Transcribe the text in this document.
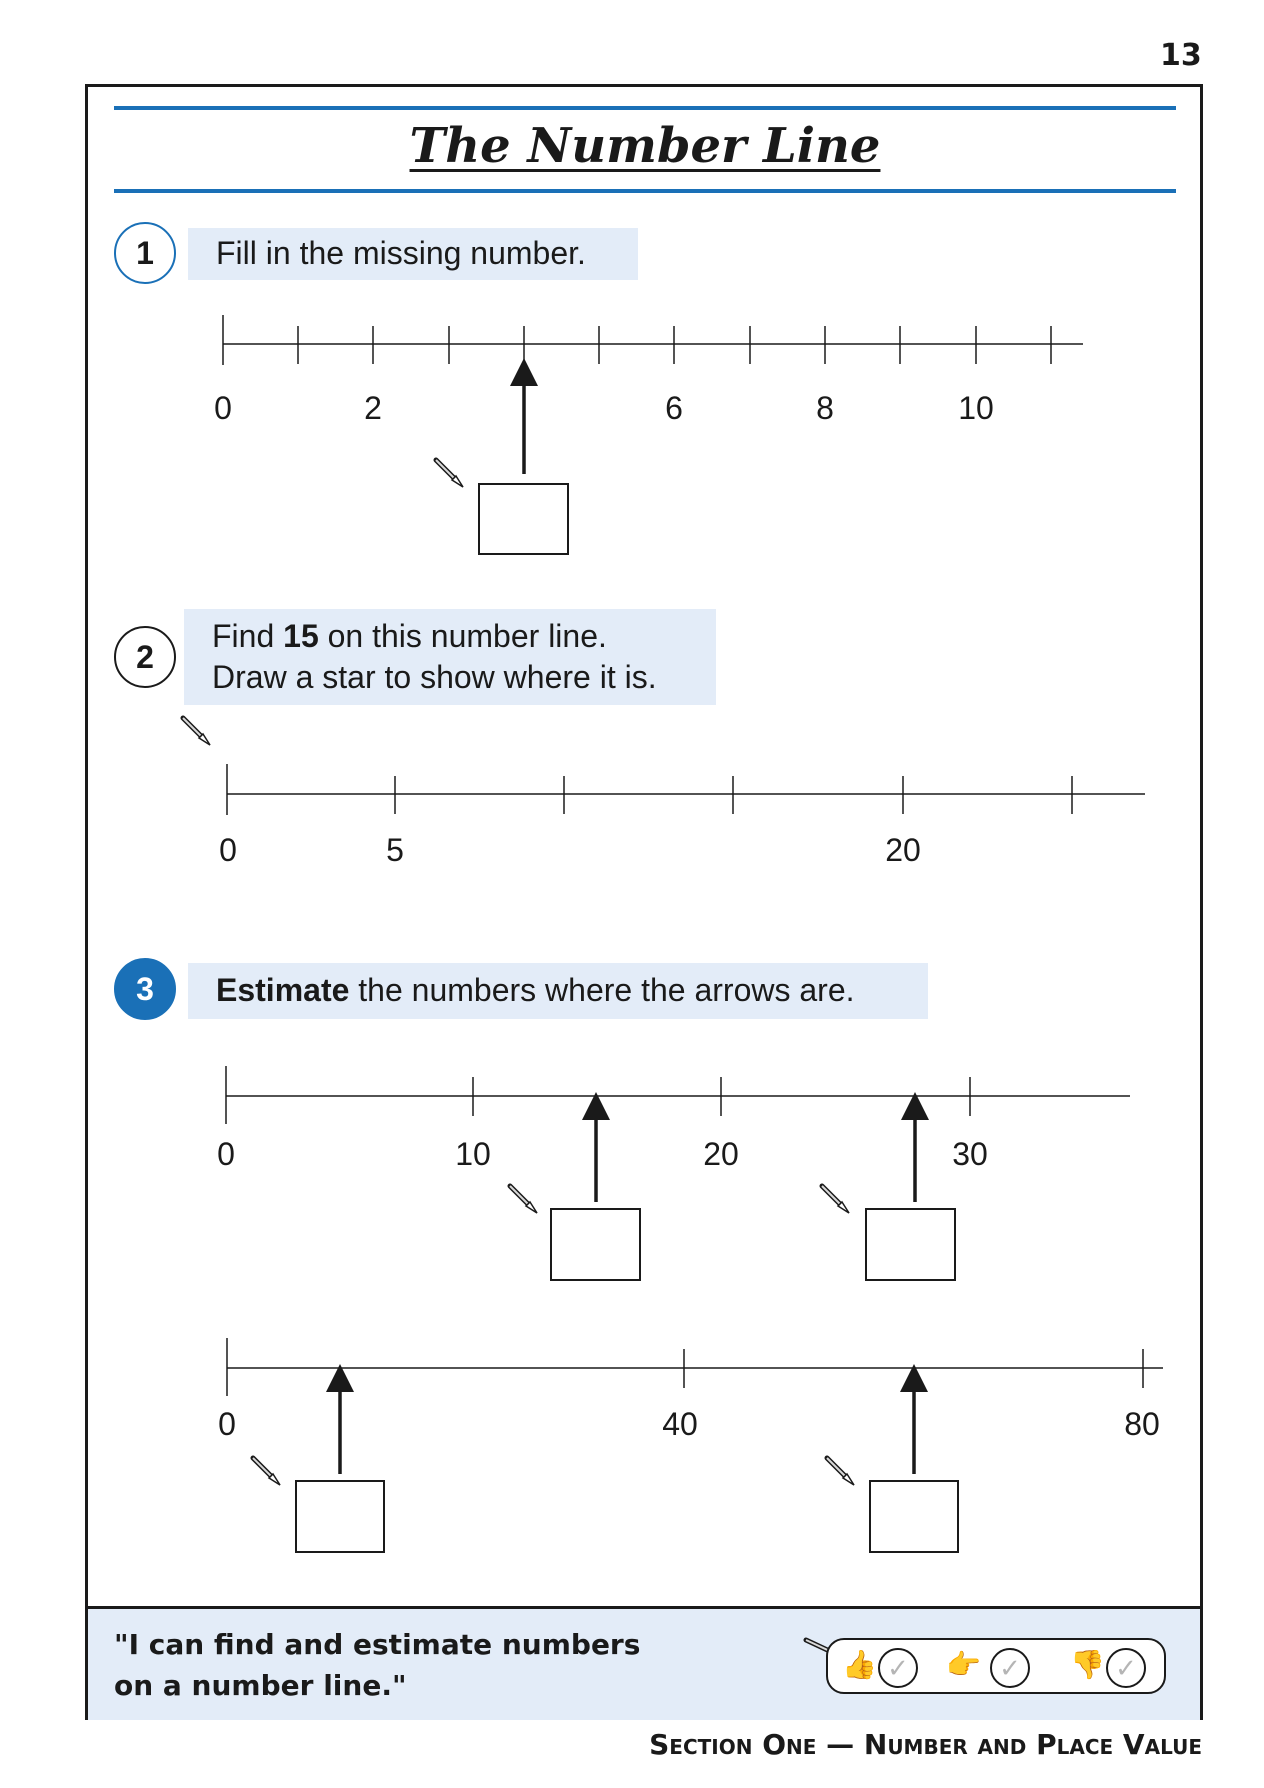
13
The Number Line
1	Fill in the missing number.
2
Find 15 on this number line.
Draw a star to show where it is.
3	Estimate the numbers where the arrows are.
0	2	6	8	10
0	5	20
0	10	20	30
0	40	80
"I can find and estimate numbers
on a number line."
👍 ✓	👉 ✓	👎 ✓
Section One — Number and Place Value
